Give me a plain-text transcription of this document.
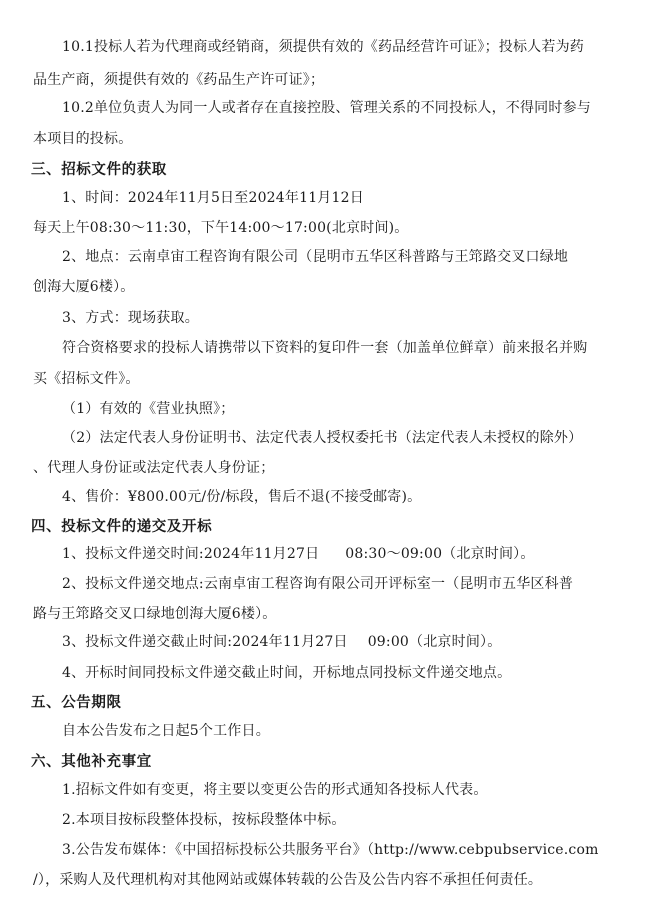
10.1投标人若为代理商或经销商，须提供有效的《药品经营许可证》；投标人若为药
品生产商，须提供有效的《药品生产许可证》；
10.2单位负责人为同一人或者存在直接控股、管理关系的不同投标人，不得同时参与
本项目的投标。
三、招标文件的获取
1、时间：2024年11月5日至2024年11月12日
每天上午08:30～11:30，下午14:00～17:00(北京时间)。
2、地点：云南卓宙工程咨询有限公司（昆明市五华区科普路与王筇路交叉口绿地
创海大厦6楼）。
3、方式：现场获取。
符合资格要求的投标人请携带以下资料的复印件一套（加盖单位鲜章）前来报名并购
买《招标文件》。
（1）有效的《营业执照》；
（2）法定代表人身份证明书、法定代表人授权委托书（法定代表人未授权的除外）
、代理人身份证或法定代表人身份证；
4、售价：¥800.00元/份/标段，售后不退(不接受邮寄)。
四、投标文件的递交及开标
1、投标文件递交时间:2024年11月27日 08:30～09:00（北京时间）。
2、投标文件递交地点:云南卓宙工程咨询有限公司开评标室一（昆明市五华区科普
路与王筇路交叉口绿地创海大厦6楼）。
3、投标文件递交截止时间:2024年11月27日 09:00（北京时间）。
4、开标时间同投标文件递交截止时间，开标地点同投标文件递交地点。
五、公告期限
自本公告发布之日起5个工作日。
六、其他补充事宜
1.招标文件如有变更，将主要以变更公告的形式通知各投标人代表。
2.本项目按标段整体投标，按标段整体中标。
3.公告发布媒体：《中国招标投标公共服务平台》（http://www.cebpubservice.com
/），采购人及代理机构对其他网站或媒体转载的公告及公告内容不承担任何责任。
